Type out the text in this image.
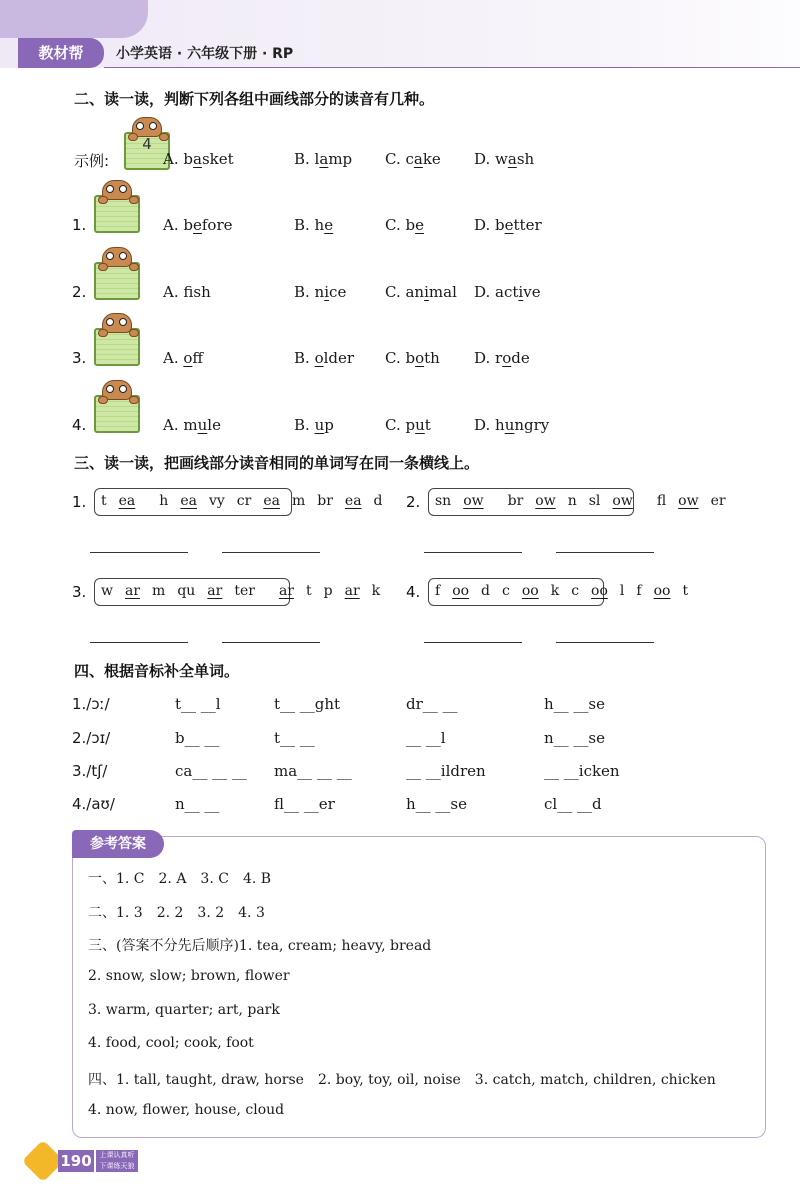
教材帮	小学英语 · 六年级下册 · RP
二、读一读，判断下列各组中画线部分的读音有几种。
示例:
4
A. basket	B. lamp C. cake D. wash
1.	A. before	B. he	C. be	D. better
2.	A. fsh	B. nice	C. animal D. active
3.	A. off	B. older C. both D. rode
4.	A. mule	B. up	C. put	D. hungry
三、读一读，把画线部分读音相同的单词写在同一条横线上。
1.	t ea h ea vy cr ea m br ea d 2.	sn ow br ow n sl ow fl ow er
3.	w ar m qu ar ter ar t p ar k 4.	f oo d c oo k c oo l f oo t
四、根据音标补全单词。
1./ɔː/	t__ __l	t__ __ght	dr__ __	h__ __se
2./ɔɪ/	b__ __	t__ __	__ __l	n__ __se
3./tʃ/	ca__ __ __ ma__ __ __	__ __ildren	__ __icken
4./aʊ/	n__ __	fl__ __er	h__ __se	cl__ __d
参考答案
一、1. C　2. A　3. C　4. B
二、1. 3　2. 2　3. 2　4. 3
三、(答案不分先后顺序)1. tea, cream; heavy, bread
2. snow, slow; brown, flower
3. warm, quarter; art, park
4. food, cool; cook, foot
四、1. tall, taught, draw, horse　2. boy, toy, oil, noise　3. catch, match, children, chicken
4. now, flower, house, cloud
190	上课认真听
下课练天狼
